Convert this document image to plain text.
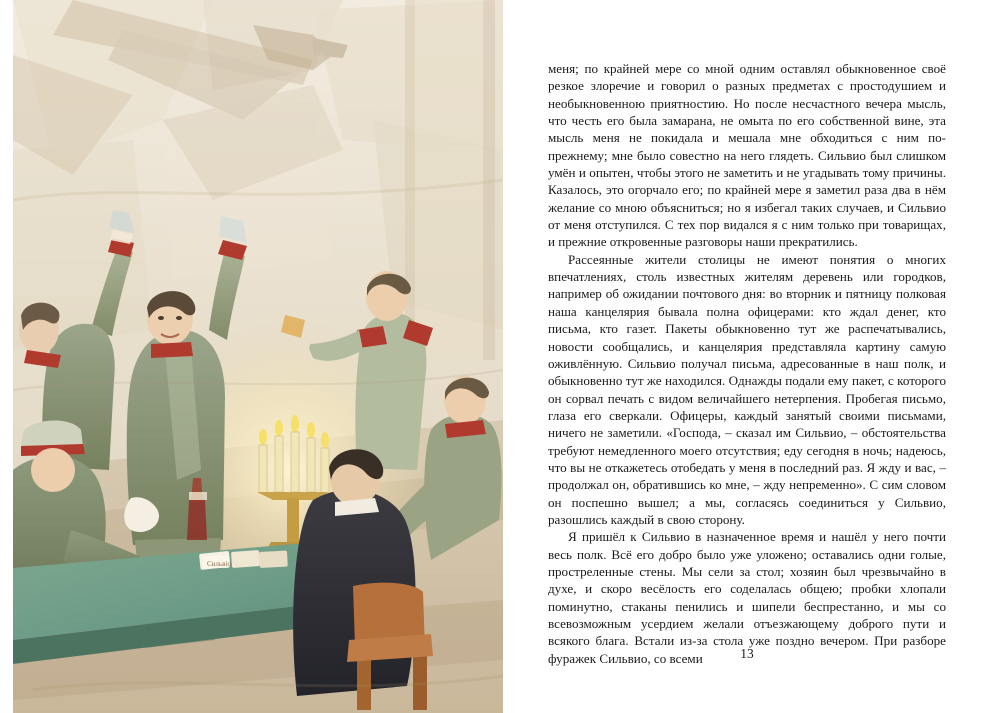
Сильвio

меня; по крайней мере со мной одним оставлял обыкновенное своё резкое злоречие и говорил о разных предметах с простодушием и необыкновенною приятностию. Но после несчастного вечера мысль, что честь его была замарана, не омыта по его собственной вине, эта мысль меня не покидала и мешала мне обходиться с ним по-прежнему; мне было совестно на него глядеть. Сильвио был слишком умён и опытен, чтобы этого не заметить и не угадывать тому причины. Казалось, это огорчало его; по крайней мере я заметил раза два в нём желание со мною объясниться; но я избегал таких случаев, и Сильвио от меня отступился. С тех пор видался я с ним только при товарищах, и прежние откровенные разговоры наши прекратились.

Рассеянные жители столицы не имеют понятия о многих впечатлениях, столь известных жителям деревень или городков, например об ожидании почтового дня: во вторник и пятницу полковая наша канцелярия бывала полна офицерами: кто ждал денег, кто письма, кто газет. Пакеты обыкновенно тут же распечатывались, новости сообщались, и канцелярия представляла картину самую оживлённую. Сильвио получал письма, адресованные в наш полк, и обыкновенно тут же находился. Однажды подали ему пакет, с которого он сорвал печать с видом величайшего нетерпения. Пробегая письмо, глаза его сверкали. Офицеры, каждый занятый своими письмами, ничего не заметили. «Господа, – сказал им Сильвио, – обстоятельства требуют немедленного моего отсутствия; еду сегодня в ночь; надеюсь, что вы не откажетесь отобедать у меня в последний раз. Я жду и вас, – продолжал он, обратившись ко мне, – жду непременно». С сим словом он поспешно вышел; а мы, согласясь соединиться у Сильвио, разошлись каждый в свою сторону.

Я пришёл к Сильвио в назначенное время и нашёл у него почти весь полк. Всё его добро было уже уложено; оставались одни голые, простреленные стены. Мы сели за стол; хозяин был чрезвычайно в духе, и скоро весёлость его соделалась общею; пробки хлопали поминутно, стаканы пенились и шипели беспрестанно, и мы со всевозможным усердием желали отъезжающему доброго пути и всякого блага. Встали из-за стола уже поздно вечером. При разборе фуражек Сильвио, со всеми	13
